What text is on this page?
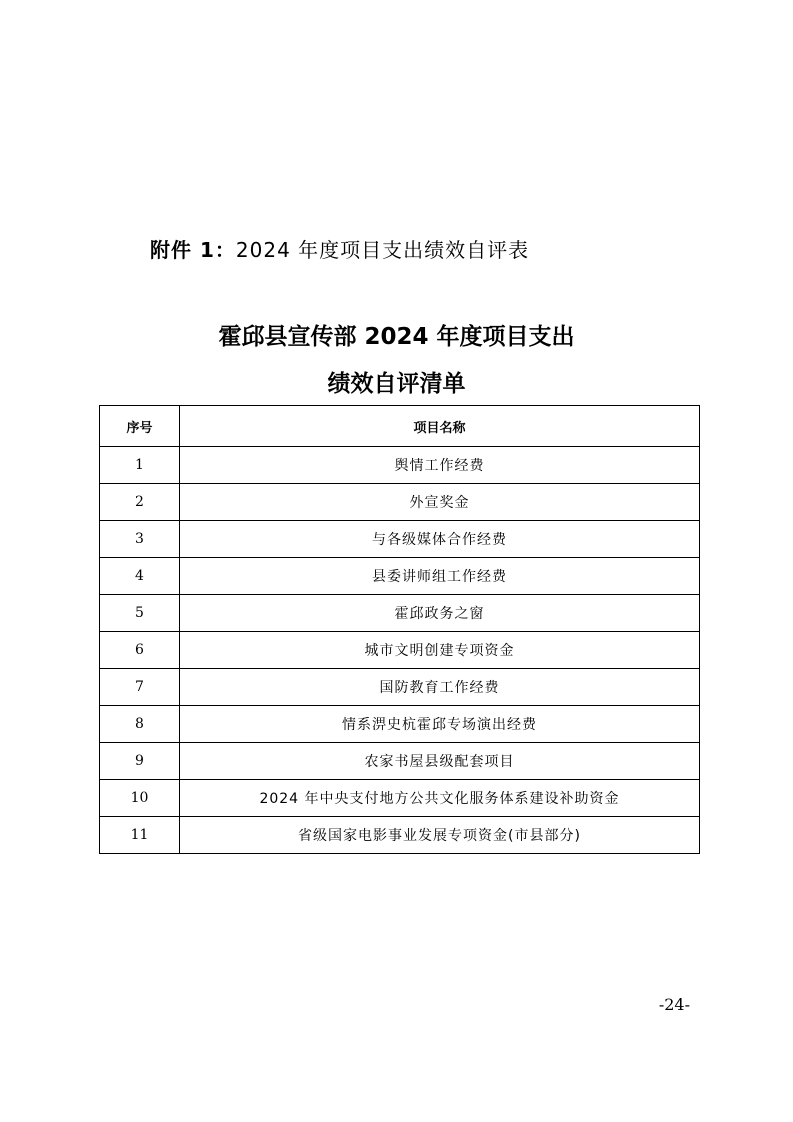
附件 1：2024 年度项目支出绩效自评表
霍邱县宣传部 2024 年度项目支出
绩效自评清单
序号	项目名称
1	舆情工作经费
2	外宣奖金
3	与各级媒体合作经费
4	县委讲师组工作经费
5	霍邱政务之窗
6	城市文明创建专项资金
7	国防教育工作经费
8	情系淠史杭霍邱专场演出经费
9	农家书屋县级配套项目
10	2024 年中央支付地方公共文化服务体系建设补助资金
11	省级国家电影事业发展专项资金(市县部分)
-24-
